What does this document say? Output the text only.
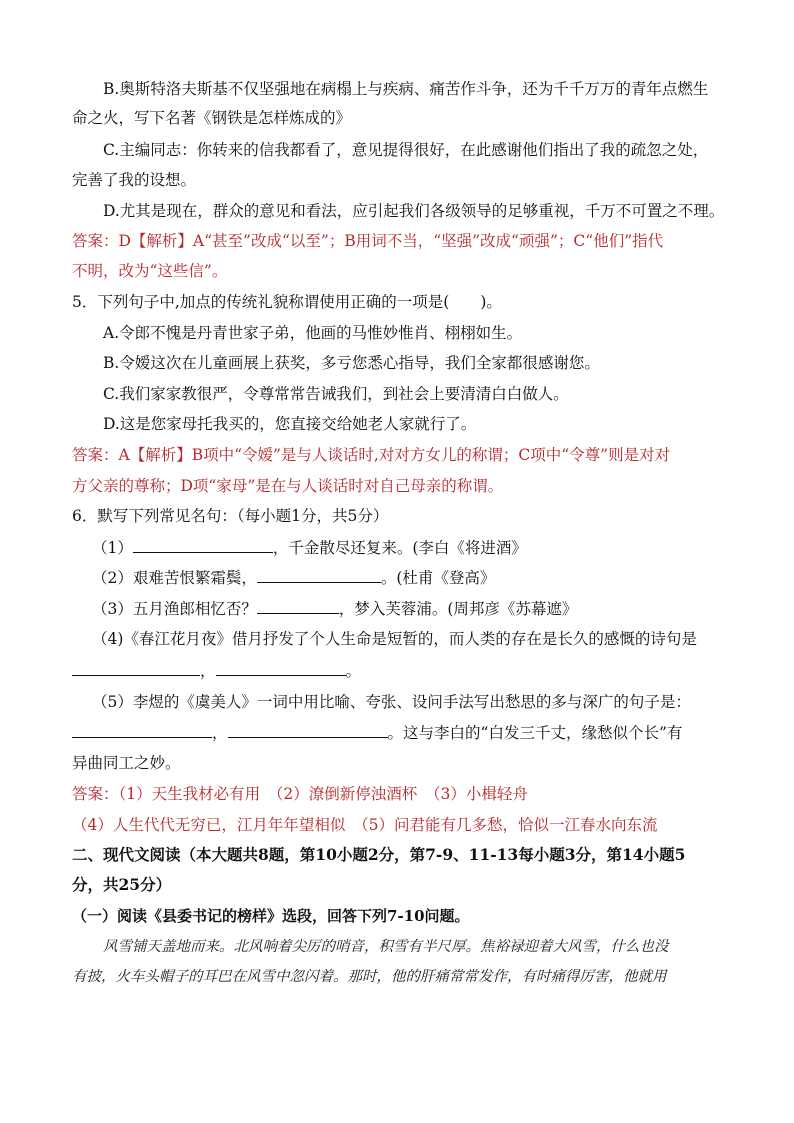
B.奥斯特洛夫斯基不仅坚强地在病榻上与疾病、痛苦作斗争，还为千千万万的青年点燃生
命之火，写下名著《钢铁是怎样炼成的》
C.主编同志：你转来的信我都看了，意见提得很好，在此感谢他们指出了我的疏忽之处，
完善了我的设想。
D.尤其是现在，群众的意见和看法，应引起我们各级领导的足够重视，千万不可置之不理。
答案：D【解析】A“甚至”改成“以至”；B用词不当，“坚强”改成“顽强”；C“他们”指代
不明，改为“这些信”。
5．下列句子中,加点的传统礼貌称谓使用正确的一项是(　　)。
A.令郎不愧是丹青世家子弟，他画的马惟妙惟肖、栩栩如生。
B.令嫒这次在儿童画展上获奖，多亏您悉心指导，我们全家都很感谢您。
C.我们家家教很严，令尊常常告诫我们，到社会上要清清白白做人。
D.这是您家母托我买的，您直接交给她老人家就行了。
答案：A【解析】B项中“令嫒”是与人谈话时,对对方女儿的称谓；C项中“令尊”则是对对
方父亲的尊称；D项“家母”是在与人谈话时对自己母亲的称谓。
6．默写下列常见名句：（每小题1分，共5分）
（1）	，千金散尽还复来。(李白《将进酒》
（2）艰难苦恨繁霜鬓，	。(杜甫《登高》
（3）五月渔郎相忆否？	，梦入芙蓉浦。(周邦彦《苏幕遮》
（4)《春江花月夜》借月抒发了个人生命是短暂的，而人类的存在是长久的感慨的诗句是
，	。
（5）李煜的《虞美人》一词中用比喻、夸张、设问手法写出愁思的多与深广的句子是：
，	。这与李白的“白发三千丈，缘愁似个长”有
异曲同工之妙。
答案：（1）天生我材必有用　（2）潦倒新停浊酒杯　（3）小楫轻舟
（4）人生代代无穷已，江月年年望相似　（5）问君能有几多愁，恰似一江春水向东流
二、现代文阅读（本大题共8题，第10小题2分，第7-9、11-13每小题3分，第14小题5
分，共25分）
（一）阅读《县委书记的榜样》选段，回答下列7-10问题。
风雪铺天盖地而来。北风响着尖厉的哨音，积雪有半尺厚。焦裕禄迎着大风雪，什么也没
有披，火车头帽子的耳巴在风雪中忽闪着。那时，他的肝痛常常发作，有时痛得厉害，他就用
